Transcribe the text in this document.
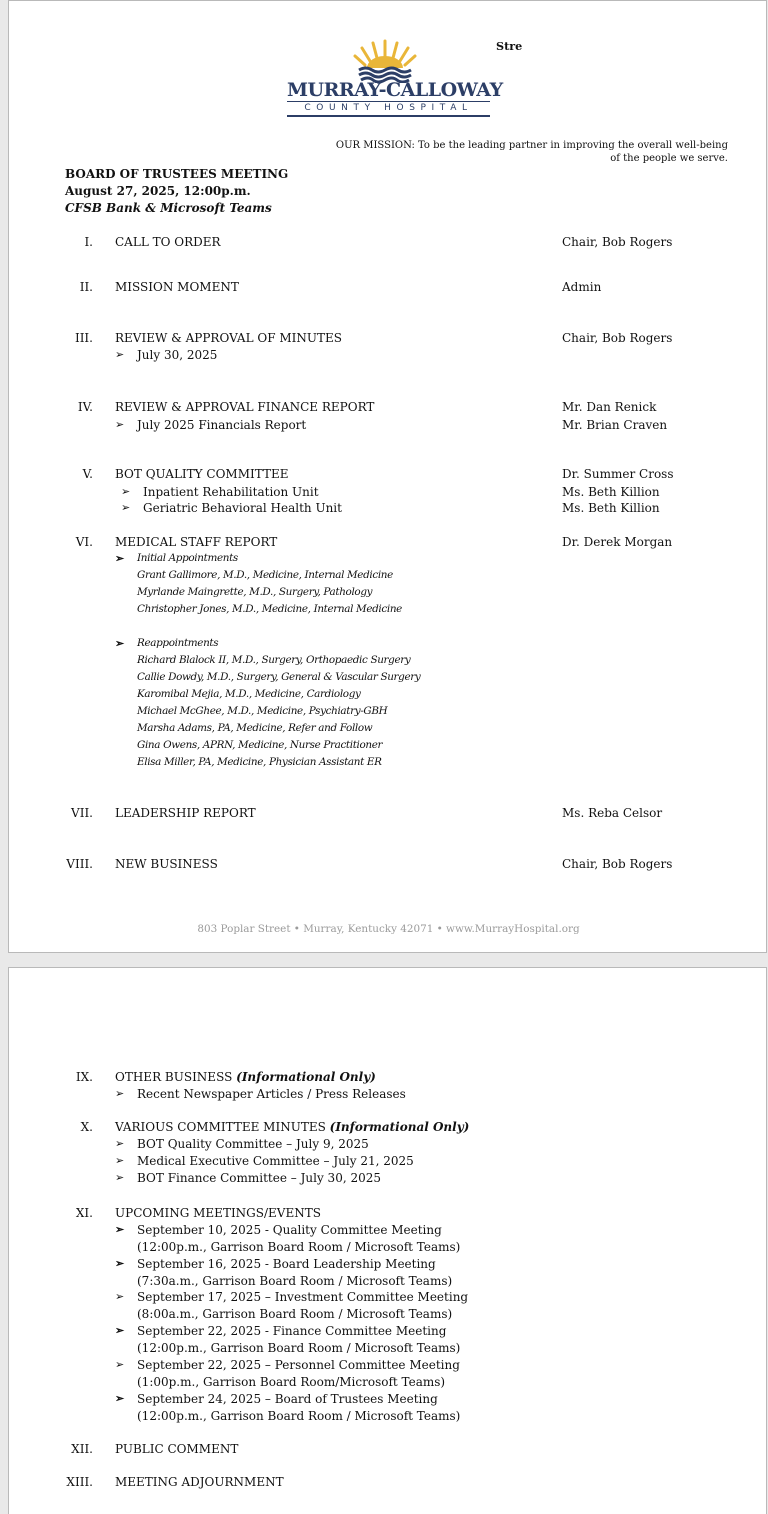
MURRAY-CALLOWAY
COUNTY HOSPITAL
Stre
OUR MISSION: To be the leading partner in improving the overall well-being
of the people we serve.
BOARD OF TRUSTEES MEETING
August 27, 2025, 12:00p.m.
CFSB Bank & Microsoft Teams
I. CALL TO ORDER	Chair, Bob Rogers
II. MISSION MOMENT	Admin
III. REVIEW & APPROVAL OF MINUTES	Chair, Bob Rogers
➢ July 30, 2025
IV. REVIEW & APPROVAL FINANCE REPORT	Mr. Dan Renick
➢ July 2025 Financials Report	Mr. Brian Craven
V. BOT QUALITY COMMITTEE	Dr. Summer Cross
➢ Inpatient Rehabilitation Unit	Ms. Beth Killion
➢ Geriatric Behavioral Health Unit	Ms. Beth Killion
VI. MEDICAL STAFF REPORT	Dr. Derek Morgan
➢ Initial Appointments
Grant Gallimore, M.D., Medicine, Internal Medicine
Myrlande Maingrette, M.D., Surgery, Pathology
Christopher Jones, M.D., Medicine, Internal Medicine
➢ Reappointments
Richard Blalock II, M.D., Surgery, Orthopaedic Surgery
Callie Dowdy, M.D., Surgery, General & Vascular Surgery
Karomibal Mejia, M.D., Medicine, Cardiology
Michael McGhee, M.D., Medicine, Psychiatry-GBH
Marsha Adams, PA, Medicine, Refer and Follow
Gina Owens, APRN, Medicine, Nurse Practitioner
Elisa Miller, PA, Medicine, Physician Assistant ER
VII. LEADERSHIP REPORT	Ms. Reba Celsor
VIII. NEW BUSINESS	Chair, Bob Rogers
803 Poplar Street • Murray, Kentucky 42071 • www.MurrayHospital.org
IX. OTHER BUSINESS (Informational Only)
➢ Recent Newspaper Articles / Press Releases
X. VARIOUS COMMITTEE MINUTES (Informational Only)
➢ BOT Quality Committee – July 9, 2025
➢ Medical Executive Committee – July 21, 2025
➢ BOT Finance Committee – July 30, 2025
XI. UPCOMING MEETINGS/EVENTS
➢ September 10, 2025 - Quality Committee Meeting
(12:00p.m., Garrison Board Room / Microsoft Teams)
➢ September 16, 2025 - Board Leadership Meeting
(7:30a.m., Garrison Board Room / Microsoft Teams)
➢ September 17, 2025 – Investment Committee Meeting
(8:00a.m., Garrison Board Room / Microsoft Teams)
➢ September 22, 2025 - Finance Committee Meeting
(12:00p.m., Garrison Board Room / Microsoft Teams)
➢ September 22, 2025 – Personnel Committee Meeting
(1:00p.m., Garrison Board Room/Microsoft Teams)
➢ September 24, 2025 – Board of Trustees Meeting
(12:00p.m., Garrison Board Room / Microsoft Teams)
XII. PUBLIC COMMENT
XIII. MEETING ADJOURNMENT
